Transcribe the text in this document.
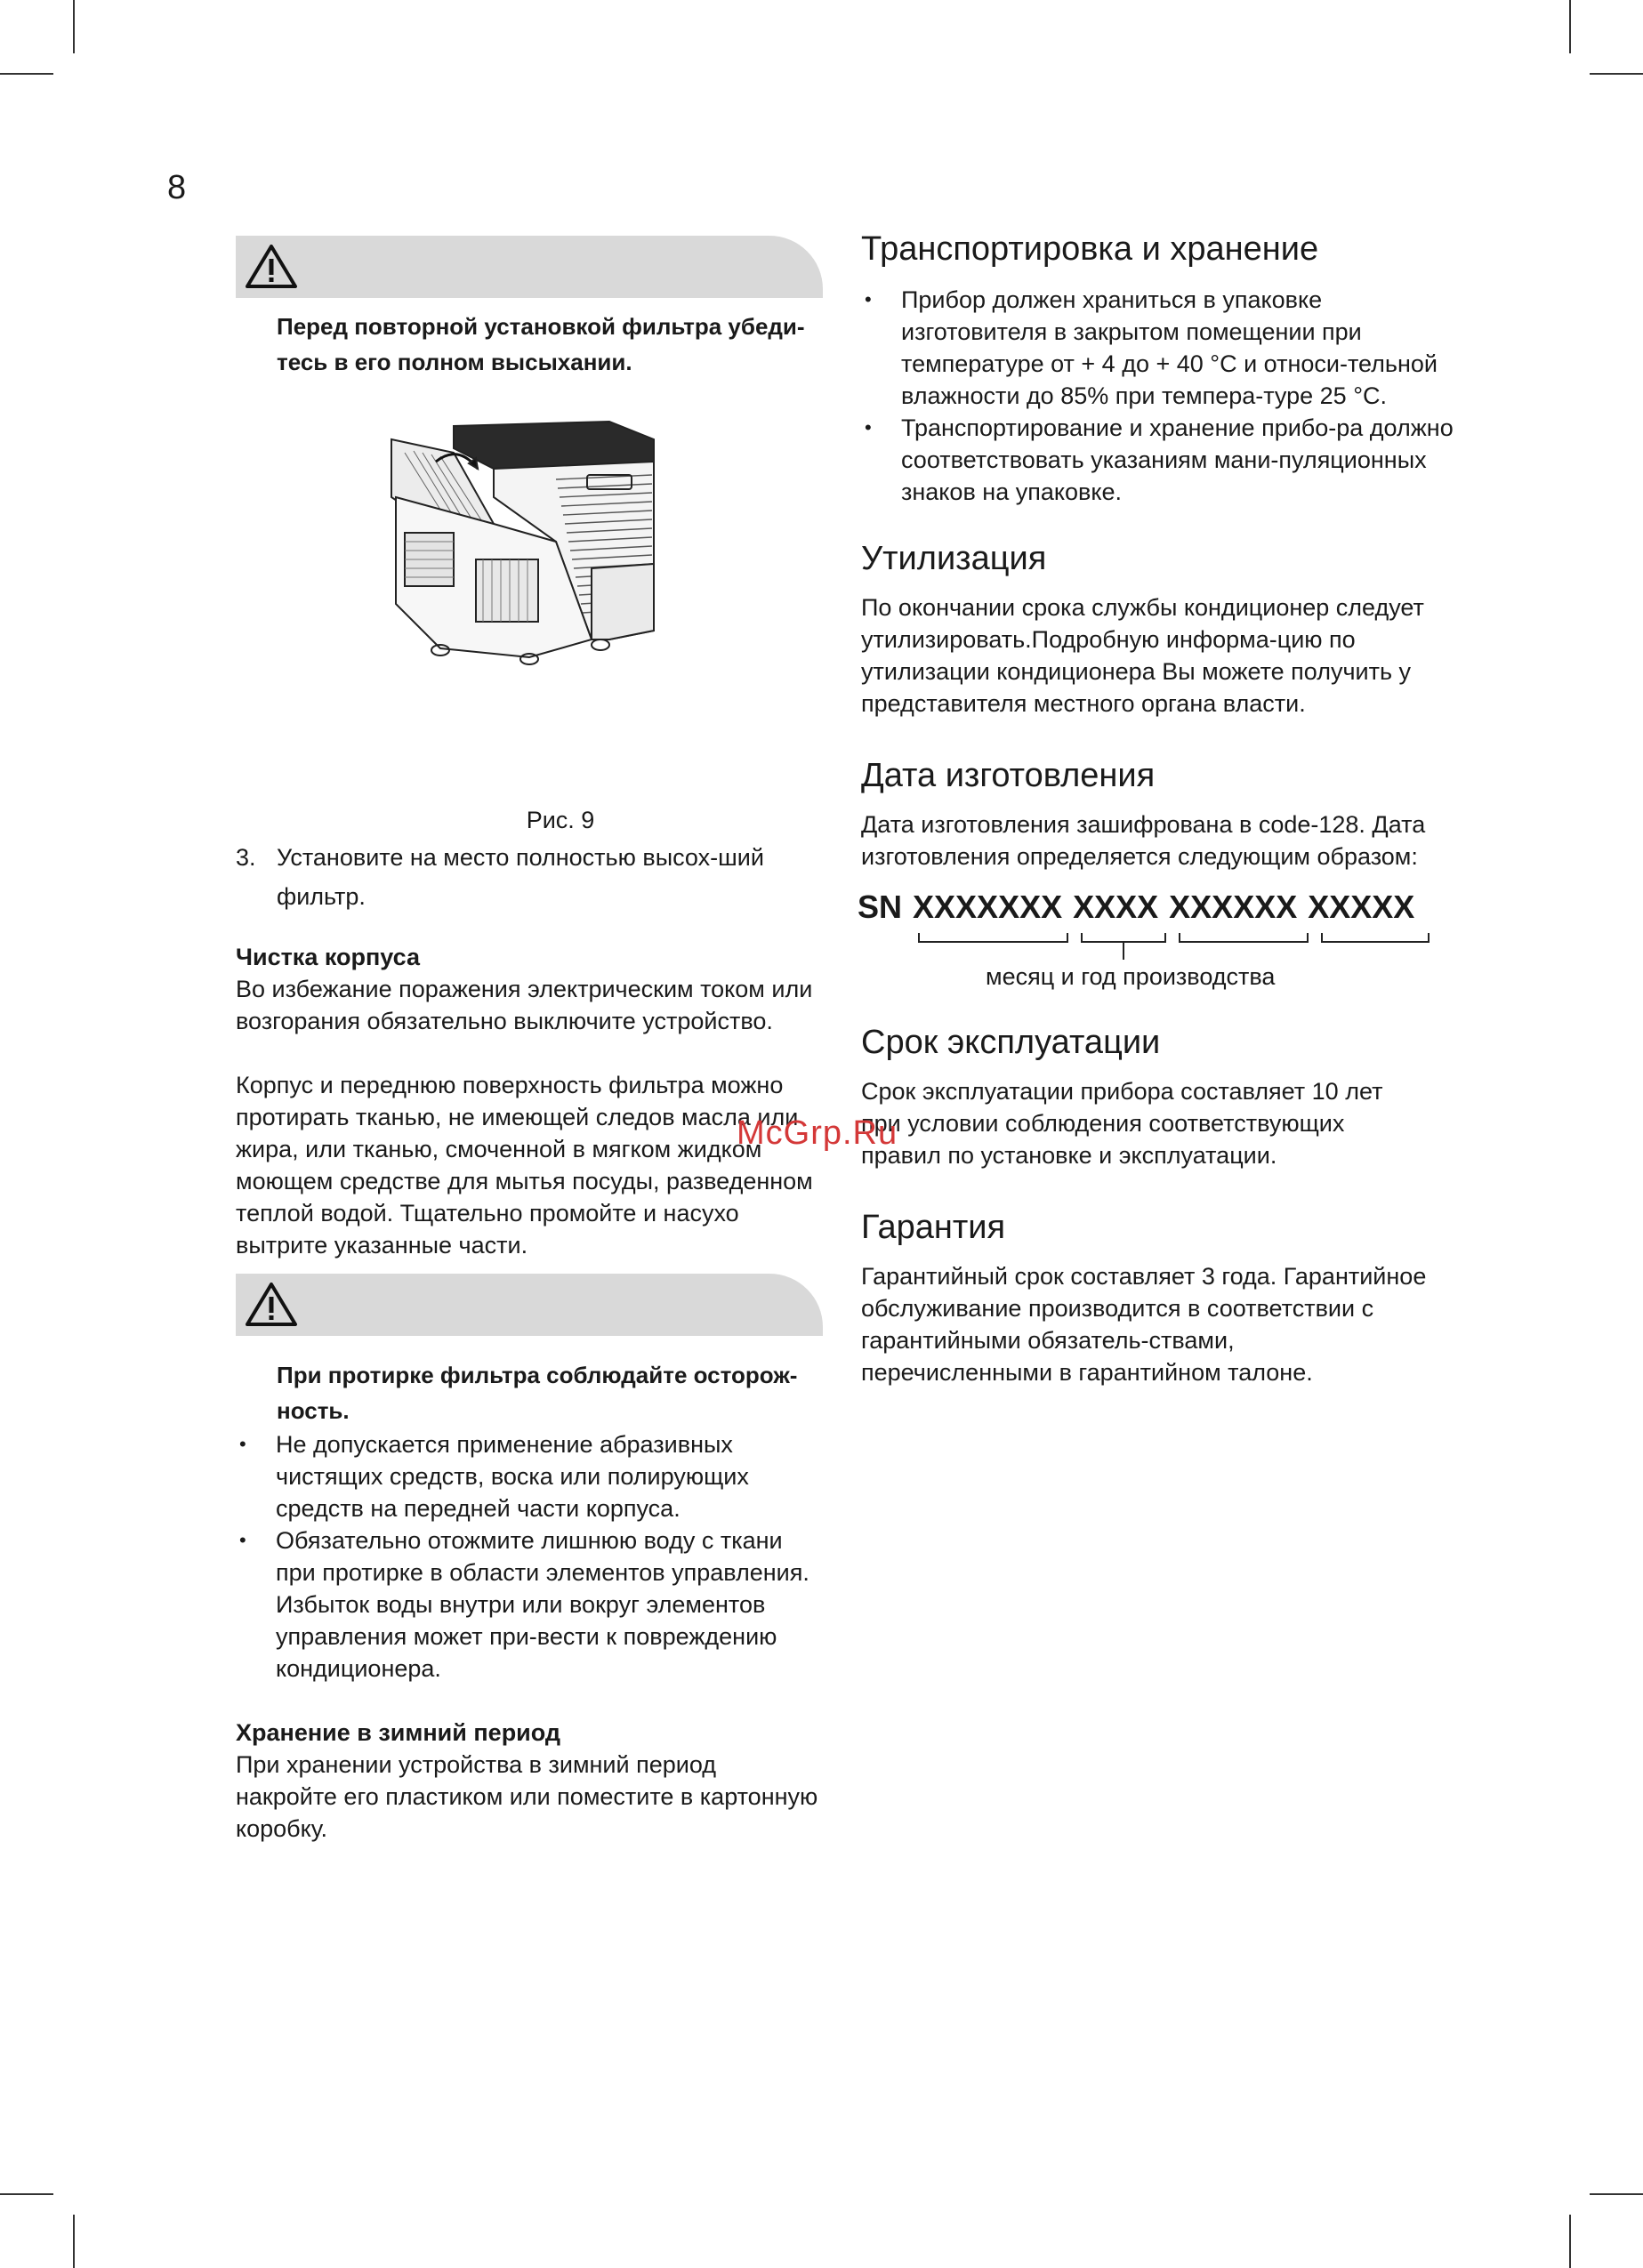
8

Перед повторной установкой фильтра убеди-тесь в его полном высыхании.

Рис. 9
3. Установите на место полностью высох-ший фильтр.

Чистка корпуса

Во избежание поражения электрическим током или возгорания обязательно выключите устройство.

Корпус и переднюю поверхность фильтра можно протирать тканью, не имеющей следов масла или жира, или тканью, смоченной в мягком жидком моющем средстве для мытья посуды, разведенном теплой водой. Тщательно промойте и насухо вытрите указанные части.

При протирке фильтра соблюдайте осторож-ность.

• Не допускается применение абразивных чистящих средств, воска или полирующих средств на передней части корпуса.
• Обязательно отожмите лишнюю воду с ткани при протирке в области элементов управления. Избыток воды внутри или вокруг элементов управления может при-вести к повреждению кондиционера.

Хранение в зимний период

При хранении устройства в зимний период накройте его пластиком или поместите в картонную коробку.

Транспортировка и хранение
• Прибор должен храниться в упаковке изготовителя в закрытом помещении при температуре от + 4 до + 40 °С и относи-тельной влажности до 85% при темпера-туре 25 °С.
• Транспортирование и хранение прибо-ра должно соответствовать указаниям мани-пуляционных знаков на упаковке.
Утилизация

По окончании срока службы кондиционер следует утилизировать.Подробную информа-цию по утилизации кондиционера Вы можете получить у представителя местного органа власти.

Дата изготовления

Дата изготовления зашифрована в code-128. Дата изготовления определяется следующим образом:

SN XXXXXXX XXXX XXXXXX XXXXX
месяц и год производства
Срок эксплуатации

Срок эксплуатации прибора составляет 10 лет при условии соблюдения соответствующих правил по установке и эксплуатации.

Гарантия

Гарантийный срок составляет 3 года. Гарантийное обслуживание производится в соответствии с гарантийными обязатель-ствами, перечисленными в гарантийном талоне.

McGrp.Ru
